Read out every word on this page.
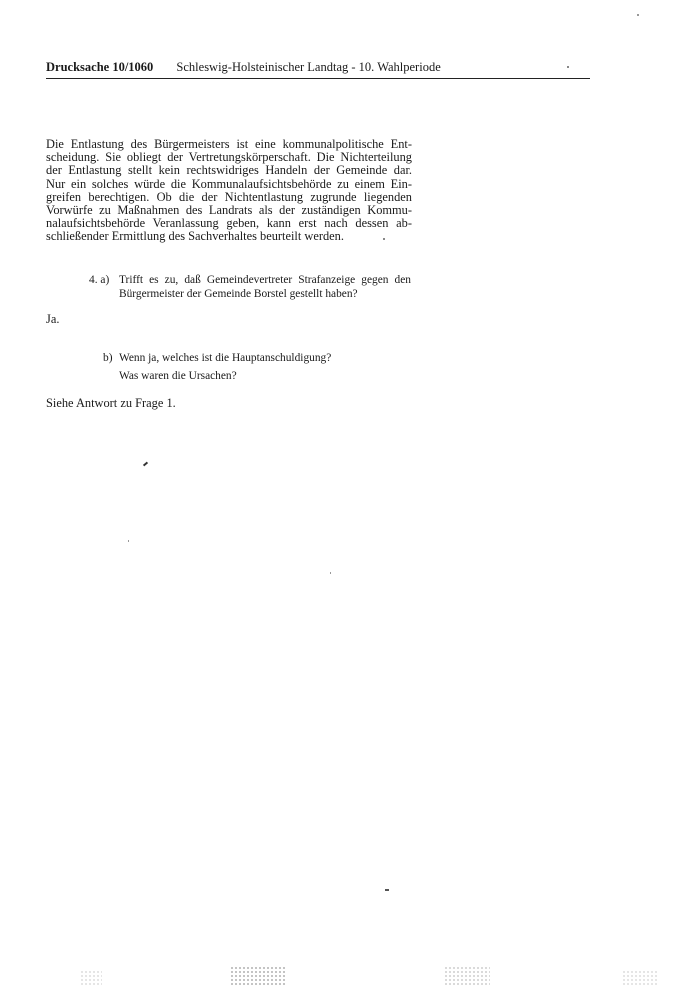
Drucksache 10/1060 Schleswig-Holsteinischer Landtag - 10. Wahlperiode
Die Entlastung des Bürgermeisters ist eine kommunalpolitische Ent-
scheidung. Sie obliegt der Vertretungskörperschaft. Die Nichterteilung
der Entlastung stellt kein rechtswidriges Handeln der Gemeinde dar.
Nur ein solches würde die Kommunalaufsichtsbehörde zu einem Ein-
greifen berechtigen. Ob die der Nichtentlastung zugrunde liegenden
Vorwürfe zu Maßnahmen des Landrats als der zuständigen Kommu-
nalaufsichtsbehörde Veranlassung geben, kann erst nach dessen ab-
schließender Ermittlung des Sachverhaltes beurteilt werden.
4. a) Trifft es zu, daß Gemeindevertreter Strafanzeige gegen den
Bürgermeister der Gemeinde Borstel gestellt haben?
Ja.
b) Wenn ja, welches ist die Hauptanschuldigung?
Was waren die Ursachen?
Siehe Antwort zu Frage 1.
